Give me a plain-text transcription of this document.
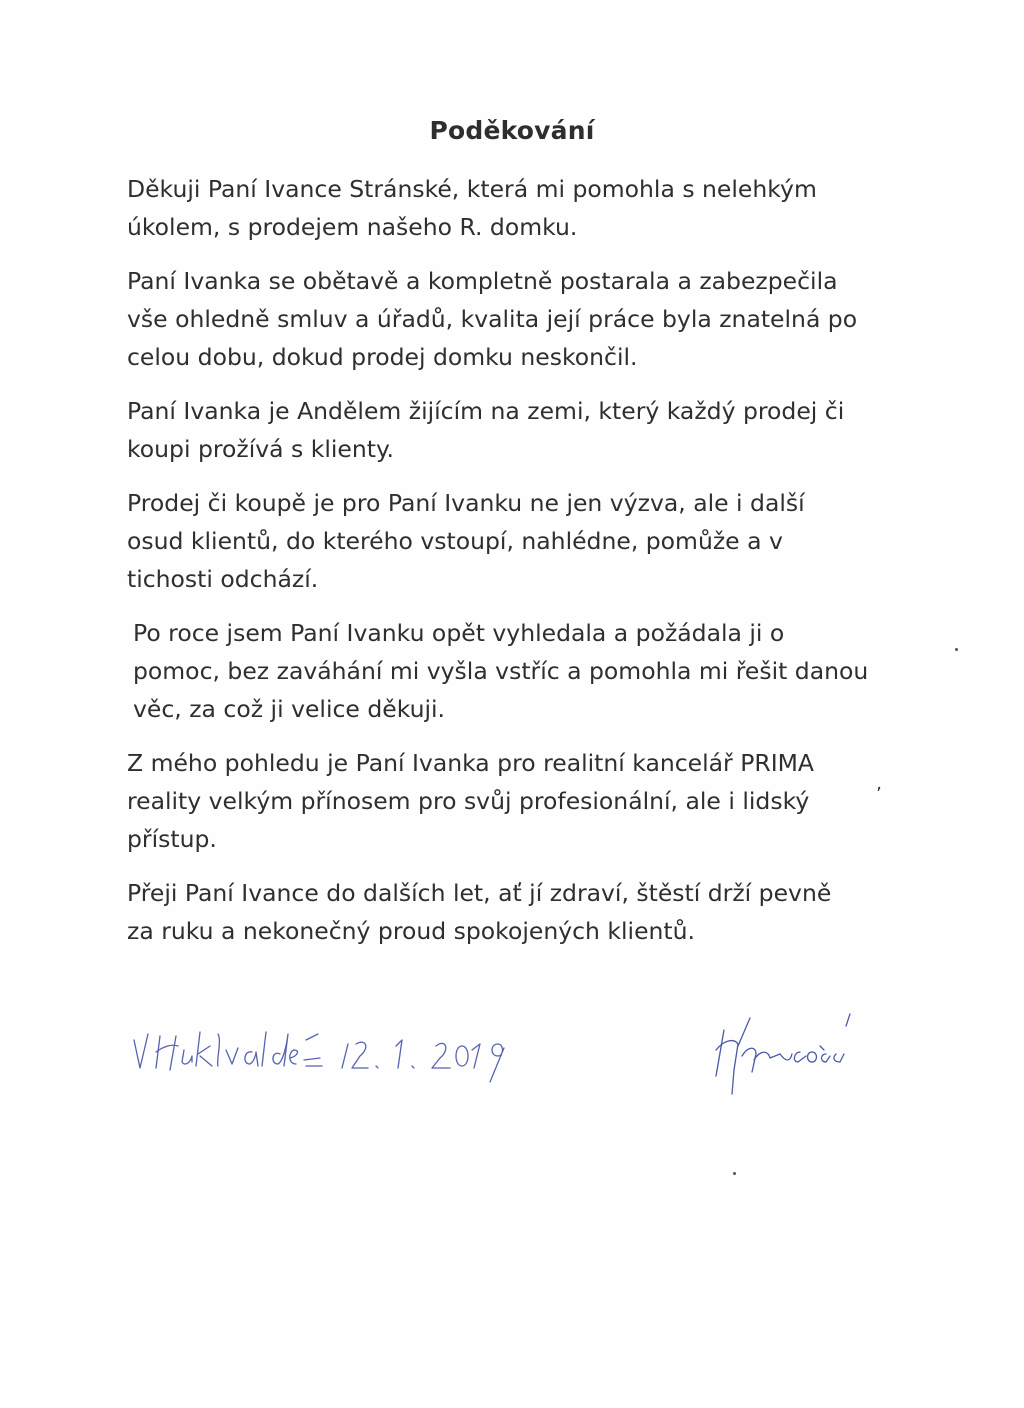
Poděkování

Děkuji Paní Ivance Stránské, která mi pomohla s nelehkým
úkolem, s prodejem našeho R. domku.

Paní Ivanka se obětavě a kompletně postarala a zabezpečila
vše ohledně smluv a úřadů, kvalita její práce byla znatelná po
celou dobu, dokud prodej domku neskončil.

Paní Ivanka je Andělem žijícím na zemi, který každý prodej či
koupi prožívá s klienty.

Prodej či koupě je pro Paní Ivanku ne jen výzva, ale i další
osud klientů, do kterého vstoupí, nahlédne, pomůže a v
tichosti odchází.

Po roce jsem Paní Ivanku opět vyhledala a požádala ji o
pomoc, bez zaváhání mi vyšla vstříc a pomohla mi řešit danou
věc, za což ji velice děkuji.

Z mého pohledu je Paní Ivanka pro realitní kancelář PRIMA
reality velkým přínosem pro svůj profesionální, ale i lidský
přístup.

Přeji Paní Ivance do dalších let, ať jí zdraví, štěstí drží pevně
za ruku a nekonečný proud spokojených klientů.

ʼ
